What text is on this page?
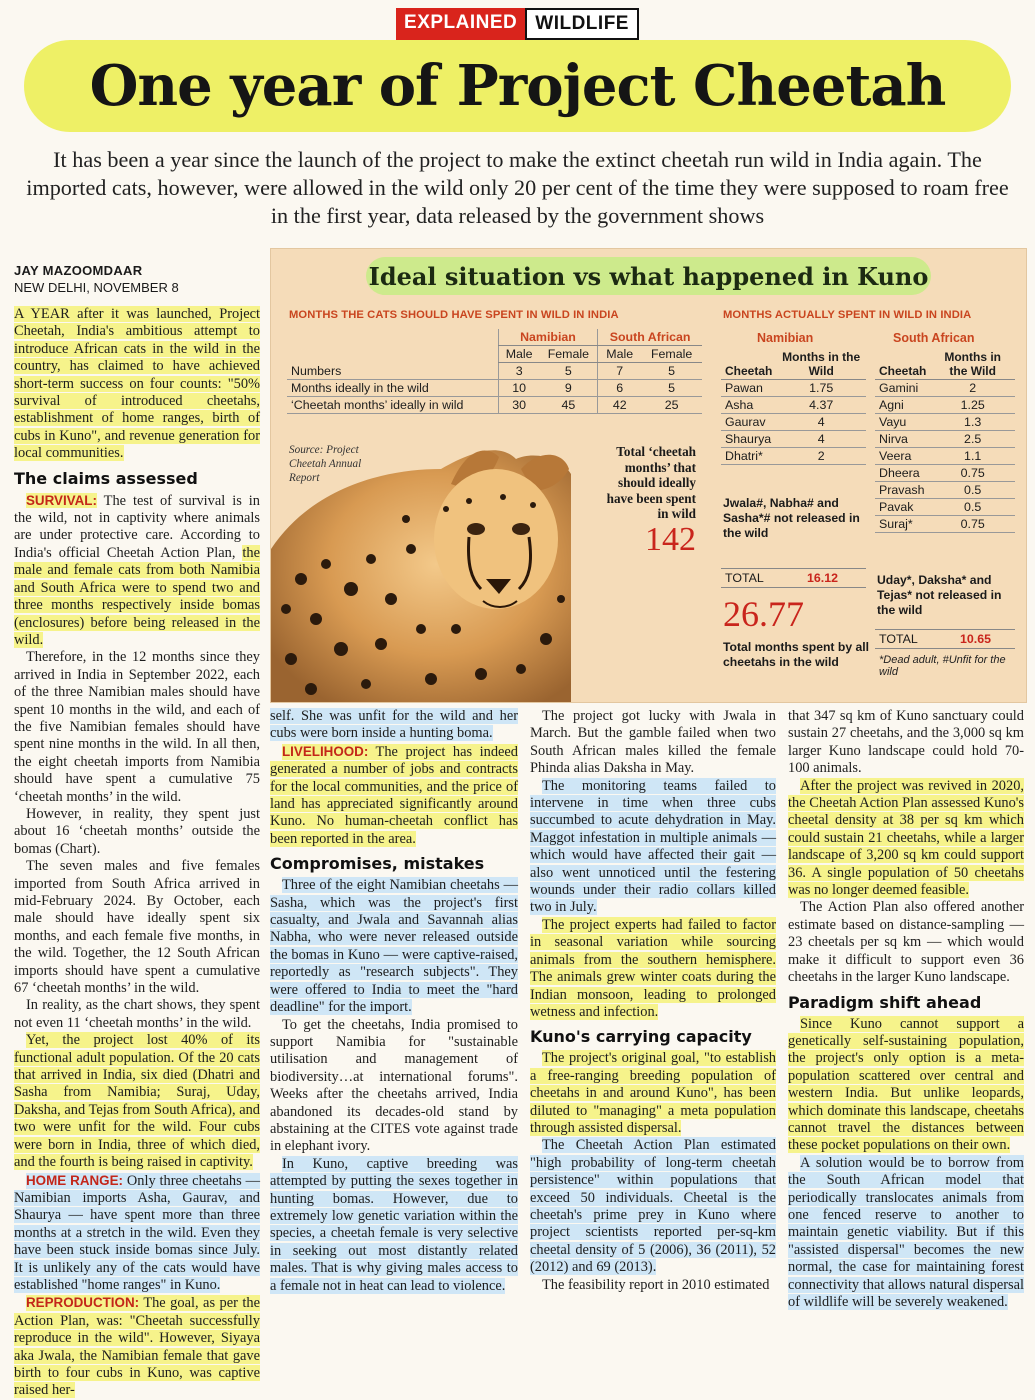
EXPLAINED WILDLIFE
One year of Project Cheetah
It has been a year since the launch of the project to make the extinct cheetah run wild in India again. The imported cats, however, were allowed in the wild only 20 per cent of the time they were supposed to roam free in the first year, data released by the government shows
JAY MAZOOMDAAR
NEW DELHI, NOVEMBER 8

A YEAR after it was launched, Project Cheetah, India's ambitious attempt to introduce African cats in the wild in the country, has claimed to have achieved short-term success on four counts: "50% survival of introduced cheetahs, establishment of home ranges, birth of cubs in Kuno", and revenue generation for local communities.

The claims assessed

SURVIVAL: The test of survival is in the wild, not in captivity where animals are under protective care. According to India's official Cheetah Action Plan, the male and female cats from both Namibia and South Africa were to spend two and three months respectively inside bomas (enclosures) before being released in the wild.

Therefore, in the 12 months since they arrived in India in September 2022, each of the three Namibian males should have spent 10 months in the wild, and each of the five Namibian females should have spent nine months in the wild. In all then, the eight cheetah imports from Namibia should have spent a cumulative 75 ‘cheetah months’ in the wild.

However, in reality, they spent just about 16 ‘cheetah months’ outside the bomas (Chart).

The seven males and five females imported from South Africa arrived in mid-February 2024. By October, each male should have ideally spent six months, and each female five months, in the wild. Together, the 12 South African imports should have spent a cumulative 67 ‘cheetah months’ in the wild.

In reality, as the chart shows, they spent not even 11 ‘cheetah months’ in the wild.

Yet, the project lost 40% of its functional adult population. Of the 20 cats that arrived in India, six died (Dhatri and Sasha from Namibia; Suraj, Uday, Daksha, and Tejas from South Africa), and two were unfit for the wild. Four cubs were born in India, three of which died, and the fourth is being raised in captivity.

HOME RANGE: Only three cheetahs — Namibian imports Asha, Gaurav, and Shaurya — have spent more than three months at a stretch in the wild. Even they have been stuck inside bomas since July. It is unlikely any of the cats would have established "home ranges" in Kuno.

REPRODUCTION: The goal, as per the Action Plan, was: "Cheetah successfully reproduce in the wild". However, Siyaya aka Jwala, the Namibian female that gave birth to four cubs in Kuno, was captive raised her-

Ideal situation vs what happened in Kuno
MONTHS THE CATS SHOULD HAVE SPENT IN WILD IN INDIA	MONTHS ACTUALLY SPENT IN WILD IN INDIA
	Namibian		South African	
	Male	Female	Male	Female
Numbers	3	5	7	5
Months ideally in the wild	10	9	6	5
‘Cheetah months’ ideally in wild	30	45	42	25
Source: Project Cheetah Annual Report
Total ‘cheetah months’ that should ideally have been spent in wild
142
Namibian
Cheetah	Months in the Wild
Pawan	1.75
Asha	4.37
Gaurav	4
Shaurya	4
Dhatri*	2
Jwala#, Nabha# and Sasha*# not released in the wild
TOTAL	16.12
26.77
Total months spent by all cheetahs in the wild
South African
Cheetah	Months in the Wild
Gamini	2
Agni	1.25
Vayu	1.3
Nirva	2.5
Veera	1.1
Dheera	0.75
Pravash	0.5
Pavak	0.5
Suraj*	0.75
Uday*, Daksha* and Tejas* not released in the wild
TOTAL	10.65
*Dead adult, #Unfit for the wild

self. She was unfit for the wild and her cubs were born inside a hunting boma.

LIVELIHOOD: The project has indeed generated a number of jobs and contracts for the local communities, and the price of land has appreciated significantly around Kuno. No human-cheetah conflict has been reported in the area.

Compromises, mistakes

Three of the eight Namibian cheetahs — Sasha, which was the project's first casualty, and Jwala and Savannah alias Nabha, who were never released outside the bomas in Kuno — were captive-raised, reportedly as "research subjects". They were offered to India to meet the "hard deadline" for the import.

To get the cheetahs, India promised to support Namibia for "sustainable utilisation and management of biodiversity…at international forums". Weeks after the cheetahs arrived, India abandoned its decades-old stand by abstaining at the CITES vote against trade in elephant ivory.

In Kuno, captive breeding was attempted by putting the sexes together in hunting bomas. However, due to extremely low genetic variation within the species, a cheetah female is very selective in seeking out most distantly related males. That is why giving males access to a female not in heat can lead to violence.

The project got lucky with Jwala in March. But the gamble failed when two South African males killed the female Phinda alias Daksha in May.

The monitoring teams failed to intervene in time when three cubs succumbed to acute dehydration in May. Maggot infestation in multiple animals — which would have affected their gait — also went unnoticed until the festering wounds under their radio collars killed two in July.

The project experts had failed to factor in seasonal variation while sourcing animals from the southern hemisphere. The animals grew winter coats during the Indian monsoon, leading to prolonged wetness and infection.

Kuno's carrying capacity

The project's original goal, "to establish a free-ranging breeding population of cheetahs in and around Kuno", has been diluted to "managing" a meta population through assisted dispersal.

The Cheetah Action Plan estimated "high probability of long-term cheetah persistence" within populations that exceed 50 individuals. Cheetal is the cheetah's prime prey in Kuno where project scientists reported per-sq-km cheetal density of 5 (2006), 36 (2011), 52 (2012) and 69 (2013).

The feasibility report in 2010 estimated

that 347 sq km of Kuno sanctuary could sustain 27 cheetahs, and the 3,000 sq km larger Kuno landscape could hold 70-100 animals.

After the project was revived in 2020, the Cheetah Action Plan assessed Kuno's cheetal density at 38 per sq km which could sustain 21 cheetahs, while a larger landscape of 3,200 sq km could support 36. A single population of 50 cheetahs was no longer deemed feasible.

The Action Plan also offered another estimate based on distance-sampling — 23 cheetals per sq km — which would make it difficult to support even 36 cheetahs in the larger Kuno landscape.

Paradigm shift ahead

Since Kuno cannot support a genetically self-sustaining population, the project's only option is a meta-population scattered over central and western India. But unlike leopards, which dominate this landscape, cheetahs cannot travel the distances between these pocket populations on their own.

A solution would be to borrow from the South African model that periodically translocates animals from one fenced reserve to another to maintain genetic viability. But if this "assisted dispersal" becomes the new normal, the case for maintaining forest connectivity that allows natural dispersal of wildlife will be severely weakened.
